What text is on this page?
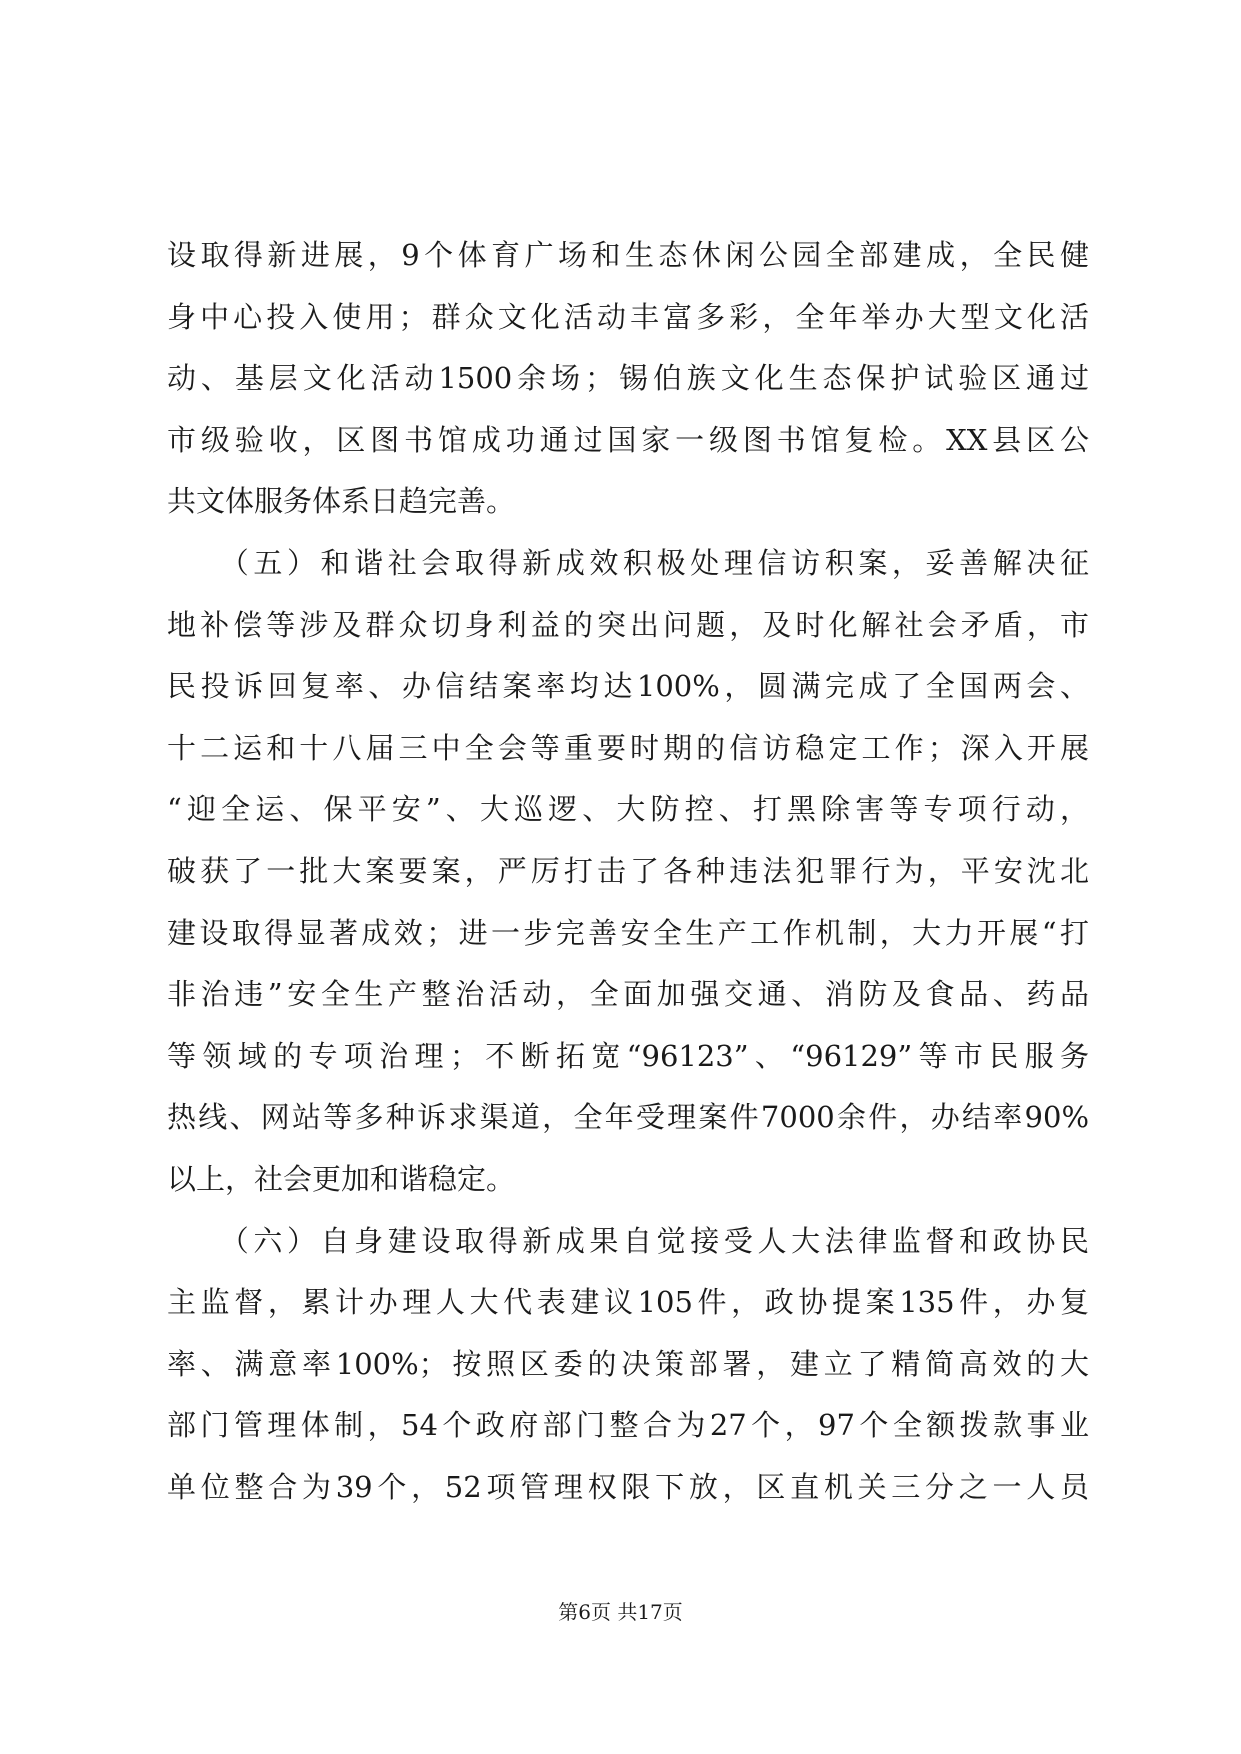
设取得新进展，9个体育广场和生态休闲公园全部建成，全民健
身中心投入使用；群众文化活动丰富多彩，全年举办大型文化活
动、基层文化活动1500余场；锡伯族文化生态保护试验区通过
市级验收，区图书馆成功通过国家一级图书馆复检。XX县区公
共文体服务体系日趋完善。
　　（五）和谐社会取得新成效积极处理信访积案，妥善解决征
地补偿等涉及群众切身利益的突出问题，及时化解社会矛盾，市
民投诉回复率、办信结案率均达100%，圆满完成了全国两会、
十二运和十八届三中全会等重要时期的信访稳定工作；深入开展
“迎全运、保平安”、大巡逻、大防控、打黑除害等专项行动，
破获了一批大案要案，严厉打击了各种违法犯罪行为，平安沈北
建设取得显著成效；进一步完善安全生产工作机制，大力开展“打
非治违”安全生产整治活动，全面加强交通、消防及食品、药品
等领域的专项治理；不断拓宽“96123”、“96129”等市民服务
热线、网站等多种诉求渠道，全年受理案件7000余件，办结率90%
以上，社会更加和谐稳定。
　　（六）自身建设取得新成果自觉接受人大法律监督和政协民
主监督，累计办理人大代表建议105件，政协提案135件，办复
率、满意率100%；按照区委的决策部署，建立了精简高效的大
部门管理体制，54个政府部门整合为27个，97个全额拨款事业
单位整合为39个，52项管理权限下放，区直机关三分之一人员
第6页 共17页
